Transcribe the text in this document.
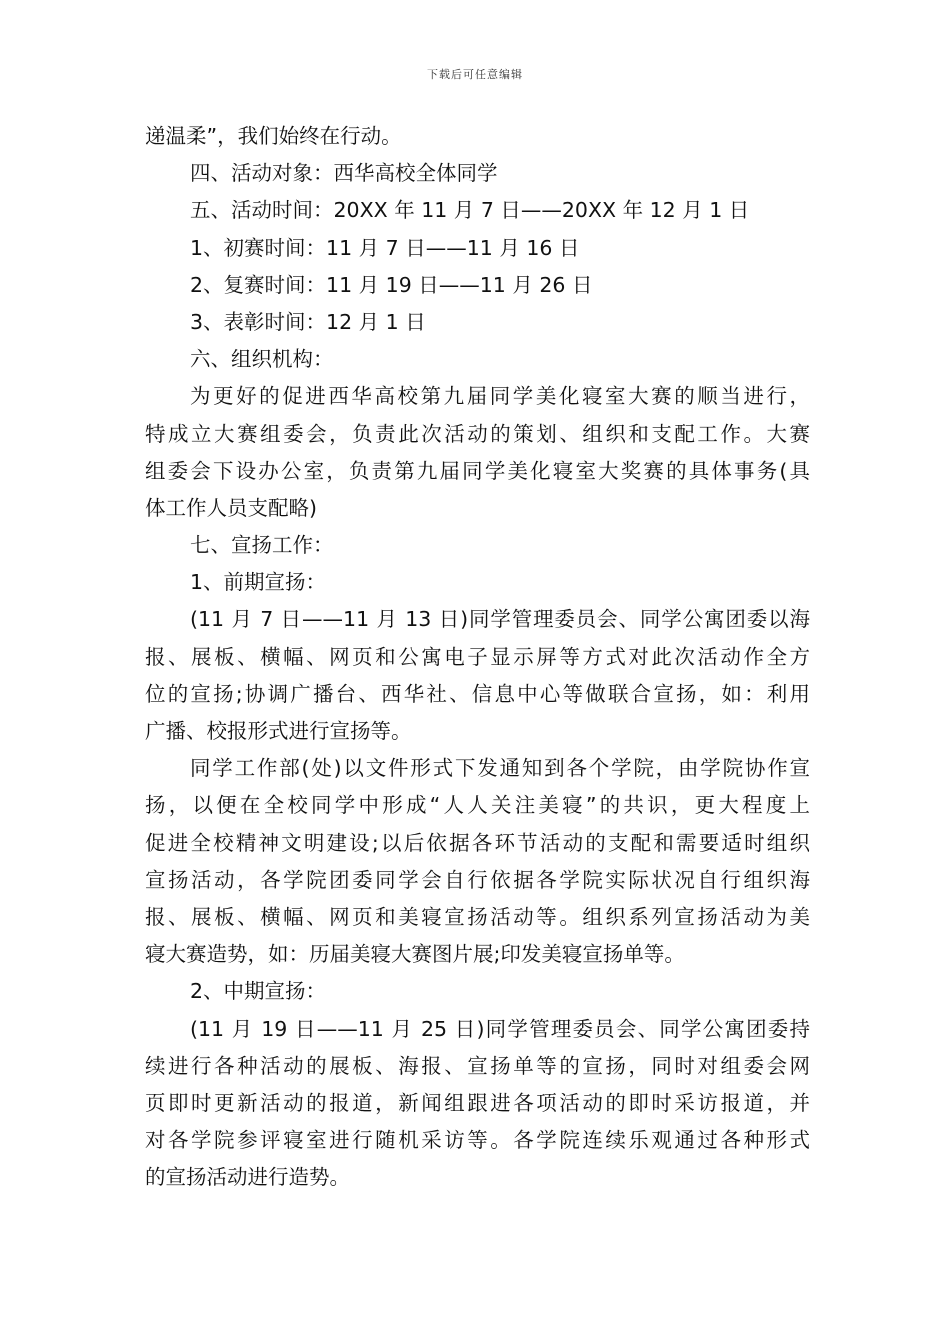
下载后可任意编辑
递温柔”，我们始终在行动。
四、活动对象：西华高校全体同学
五、活动时间：20XX 年 11 月 7 日——20XX 年 12 月 1 日
1、初赛时间：11 月 7 日——11 月 16 日
2、复赛时间：11 月 19 日——11 月 26 日
3、表彰时间：12 月 1 日
六、组织机构：
为更好的促进西华高校第九届同学美化寝室大赛的顺当进行，
特成立大赛组委会，负责此次活动的策划、组织和支配工作。大赛
组委会下设办公室，负责第九届同学美化寝室大奖赛的具体事务(具
体工作人员支配略)
七、宣扬工作：
1、前期宣扬：
(11 月 7 日——11 月 13 日)同学管理委员会、同学公寓团委以海
报、展板、横幅、网页和公寓电子显示屏等方式对此次活动作全方
位的宣扬;协调广播台、西华社、信息中心等做联合宣扬，如：利用
广播、校报形式进行宣扬等。
同学工作部(处)以文件形式下发通知到各个学院，由学院协作宣
扬，以便在全校同学中形成“人人关注美寝”的共识，更大程度上
促进全校精神文明建设;以后依据各环节活动的支配和需要适时组织
宣扬活动，各学院团委同学会自行依据各学院实际状况自行组织海
报、展板、横幅、网页和美寝宣扬活动等。组织系列宣扬活动为美
寝大赛造势，如：历届美寝大赛图片展;印发美寝宣扬单等。
2、中期宣扬：
(11 月 19 日——11 月 25 日)同学管理委员会、同学公寓团委持
续进行各种活动的展板、海报、宣扬单等的宣扬，同时对组委会网
页即时更新活动的报道，新闻组跟进各项活动的即时采访报道，并
对各学院参评寝室进行随机采访等。各学院连续乐观通过各种形式
的宣扬活动进行造势。
